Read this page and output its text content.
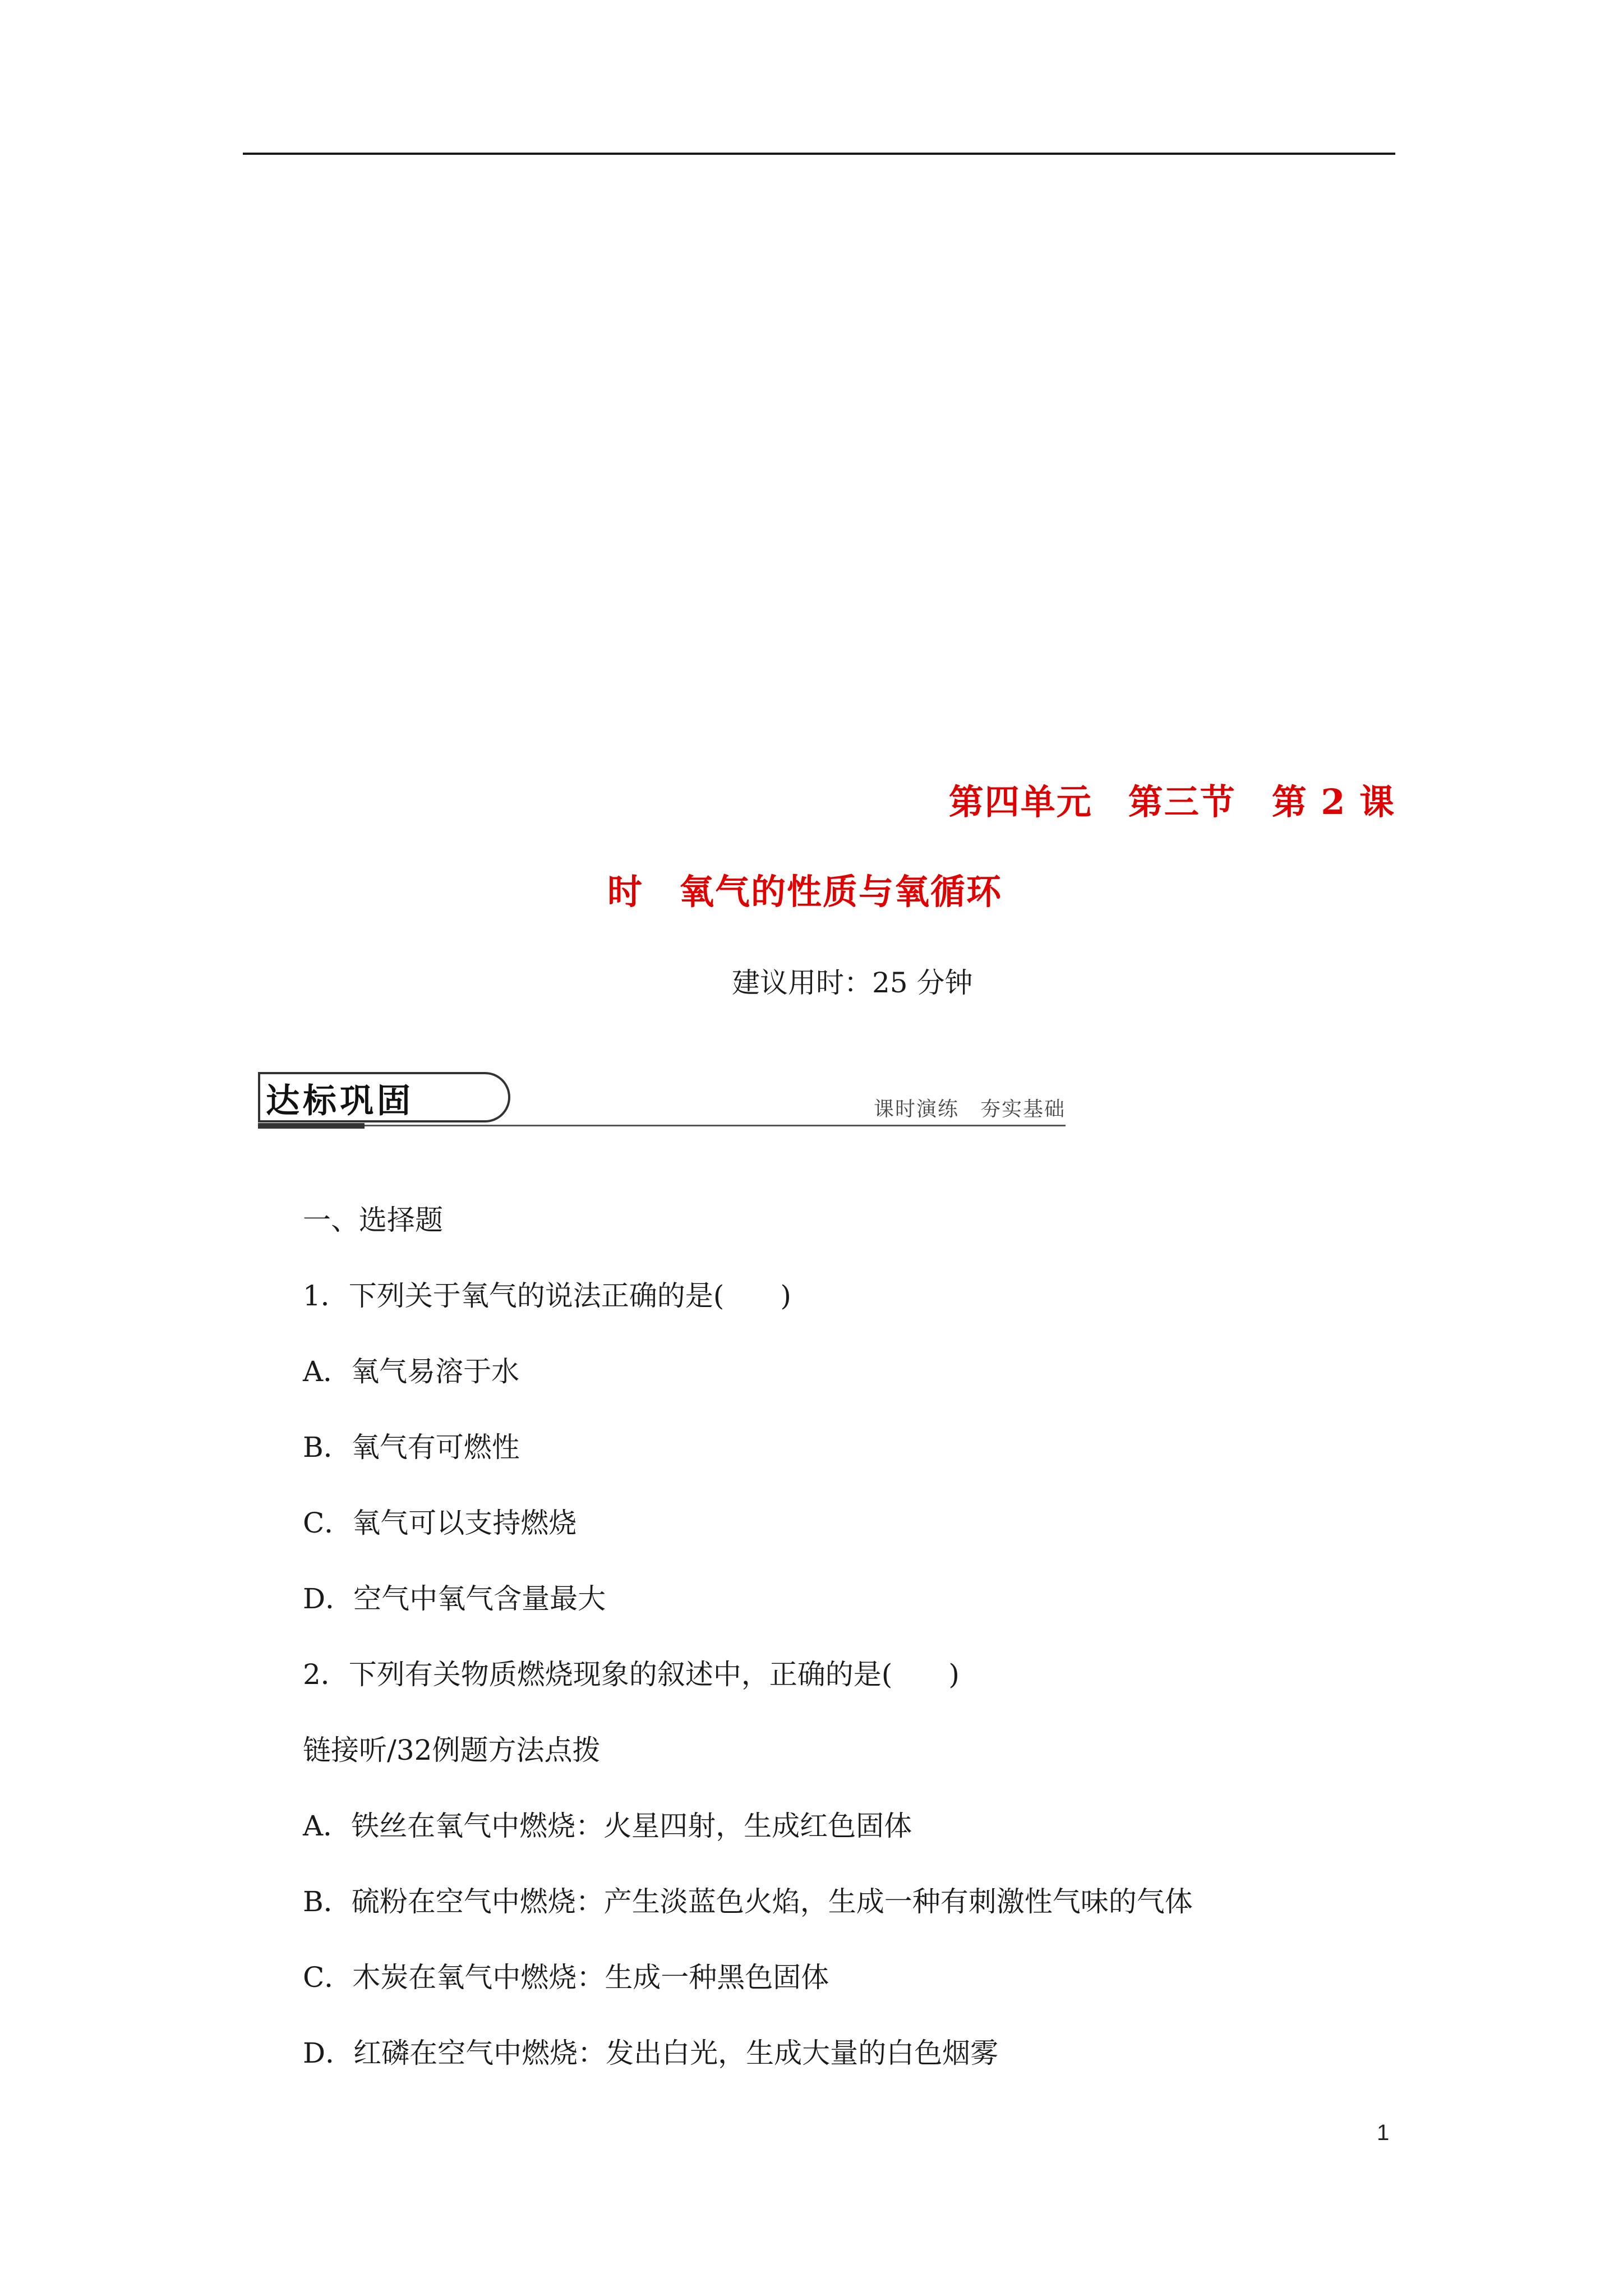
第四单元　第三节　第 2 课
时　氧气的性质与氧循环
建议用时：25 分钟
达标巩固	课时演练　夯实基础
一、选择题
1．下列关于氧气的说法正确的是(　　)
A．氧气易溶于水
B．氧气有可燃性
C．氧气可以支持燃烧
D．空气中氧气含量最大
2．下列有关物质燃烧现象的叙述中，正确的是(　　)
链接听/32例题方法点拨
A．铁丝在氧气中燃烧：火星四射，生成红色固体
B．硫粉在空气中燃烧：产生淡蓝色火焰，生成一种有刺激性气味的气体
C．木炭在氧气中燃烧：生成一种黑色固体
D．红磷在空气中燃烧：发出白光，生成大量的白色烟雾
1
